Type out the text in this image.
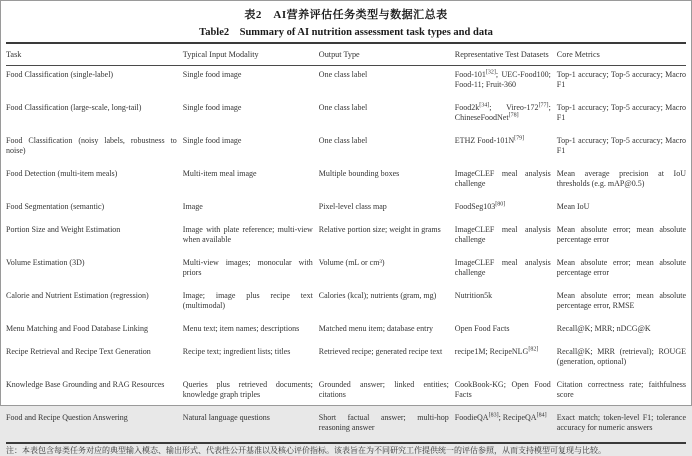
表2　AI营养评估任务类型与数据汇总表
Table2　Summary of AI nutrition assessment task types and data
Task	Typical Input Modality	Output Type	Representative Test Datasets	Core Metrics
Food Classification (single-label)	Single food image	One class label	Food-101[32]; UEC-Food100; Food-11; Fruit-360	Top-1 accuracy; Top-5 accuracy; Macro F1
Food Classification (large-scale, long-tail)	Single food image	One class label	Food2k[34]; Vireo-172[77]; ChineseFoodNet[78]	Top-1 accuracy; Top-5 accuracy; Macro F1
Food Classification (noisy labels, robustness to noise)	Single food image	One class label	ETHZ Food-101N[79]	Top-1 accuracy; Top-5 accuracy; Macro F1
Food Detection (multi-item meals)	Multi-item meal image	Multiple bounding boxes	ImageCLEF meal analysis challenge	Mean average precision at IoU thresholds (e.g. mAP@0.5)
Food Segmentation (semantic)	Image	Pixel-level class map	FoodSeg103[80]	Mean IoU
Portion Size and Weight Estimation	Image with plate reference; multi-view when available	Relative portion size; weight in grams	ImageCLEF meal analysis challenge	Mean absolute error; mean absolute percentage error
Volume Estimation (3D)	Multi-view images; monocular with priors	Volume (mL or cm³)	ImageCLEF meal analysis challenge	Mean absolute error; mean absolute percentage error
Calorie and Nutrient Estimation (regression)	Image; image plus recipe text (multimodal)	Calories (kcal); nutrients (gram, mg)	Nutrition5k	Mean absolute error; mean absolute percentage error, RMSE
Menu Matching and Food Database Linking	Menu text; item names; descriptions	Matched menu item; database entry	Open Food Facts	Recall@K; MRR; nDCG@K
Recipe Retrieval and Recipe Text Generation	Recipe text; ingredient lists; titles	Retrieved recipe; generated recipe text	recipe1M; RecipeNLG[82]	Recall@K; MRR (retrieval); ROUGE (generation, optional)
Knowledge Base Grounding and RAG Resources	Queries plus retrieved documents; knowledge graph triples	Grounded answer; linked entities; citations	CookBook-KG; Open Food Facts	Citation correctness rate; faithfulness score
Food and Recipe Question Answering	Natural language questions	Short factual answer; multi-hop reasoning answer	FoodieQA[83]; RecipeQA[84]	Exact match; token-level F1; tolerance accuracy for numeric answers
注：本表包含每类任务对应的典型输入模态、输出形式、代表性公开基准以及核心评价指标。该表旨在为不同研究工作提供统一的评估参照，从而支持模型可复现与比较。
